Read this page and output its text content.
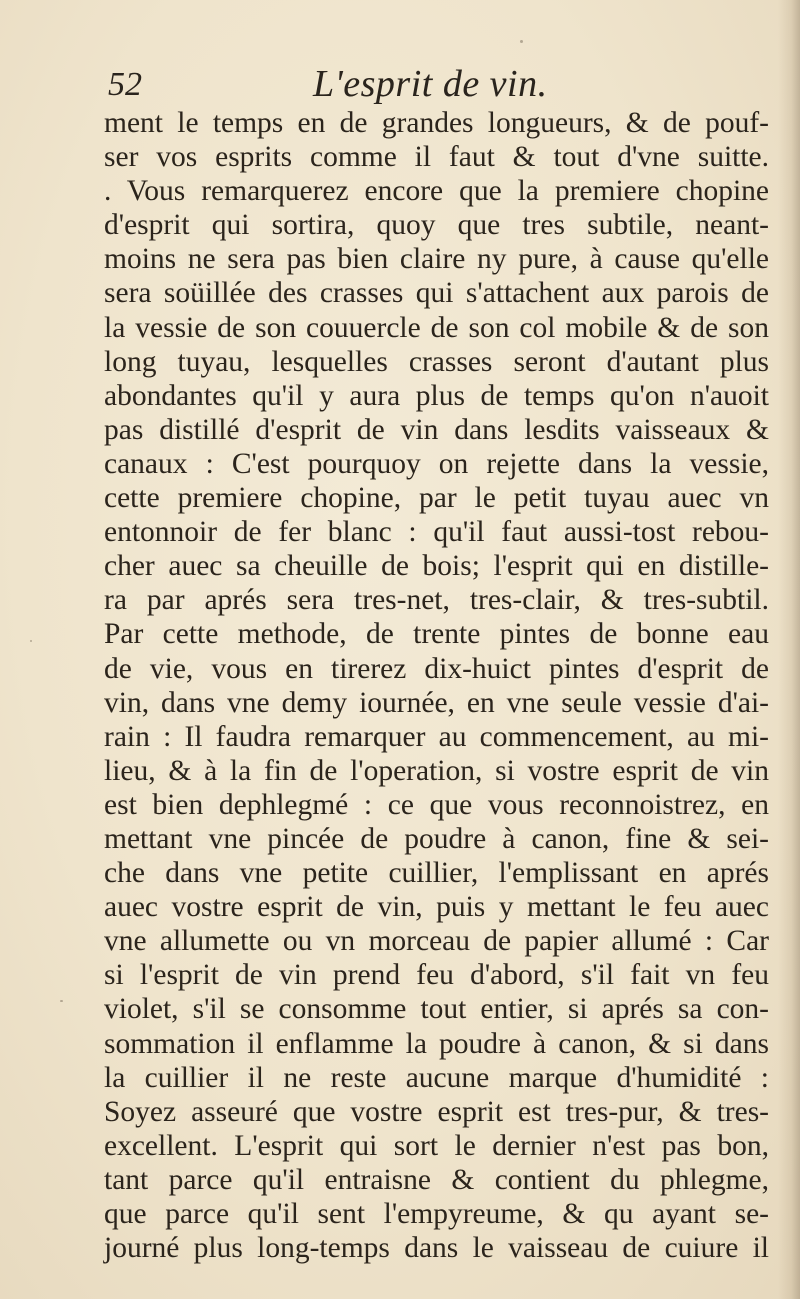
52	L'esprit de vin.
ment le temps en de grandes longueurs, & de pouf-
ser vos esprits comme il faut & tout d'vne suitte.
. Vous remarquerez encore que la premiere chopine
d'esprit qui sortira, quoy que tres subtile, neant-
moins ne sera pas bien claire ny pure, à cause qu'elle
sera soüillée des crasses qui s'attachent aux parois de
la vessie de son couuercle de son col mobile & de son
long tuyau, lesquelles crasses seront d'autant plus
abondantes qu'il y aura plus de temps qu'on n'auoit
pas distillé d'esprit de vin dans lesdits vaisseaux &
canaux : C'est pourquoy on rejette dans la vessie,
cette premiere chopine, par le petit tuyau auec vn
entonnoir de fer blanc : qu'il faut aussi-tost rebou-
cher auec sa cheuille de bois; l'esprit qui en distille-
ra par aprés sera tres-net, tres-clair, & tres-subtil.
Par cette methode, de trente pintes de bonne eau
de vie, vous en tirerez dix-huict pintes d'esprit de
vin, dans vne demy iournée, en vne seule vessie d'ai-
rain : Il faudra remarquer au commencement, au mi-
lieu, & à la fin de l'operation, si vostre esprit de vin
est bien dephlegmé : ce que vous reconnoistrez, en
mettant vne pincée de poudre à canon, fine & sei-
che dans vne petite cuillier, l'emplissant en aprés
auec vostre esprit de vin, puis y mettant le feu auec
vne allumette ou vn morceau de papier allumé : Car
si l'esprit de vin prend feu d'abord, s'il fait vn feu
violet, s'il se consomme tout entier, si aprés sa con-
sommation il enflamme la poudre à canon, & si dans
la cuillier il ne reste aucune marque d'humidité :
Soyez asseuré que vostre esprit est tres-pur, & tres-
excellent. L'esprit qui sort le dernier n'est pas bon,
tant parce qu'il entraisne & contient du phlegme,
que parce qu'il sent l'empyreume, & qu ayant se-
journé plus long-temps dans le vaisseau de cuiure il
